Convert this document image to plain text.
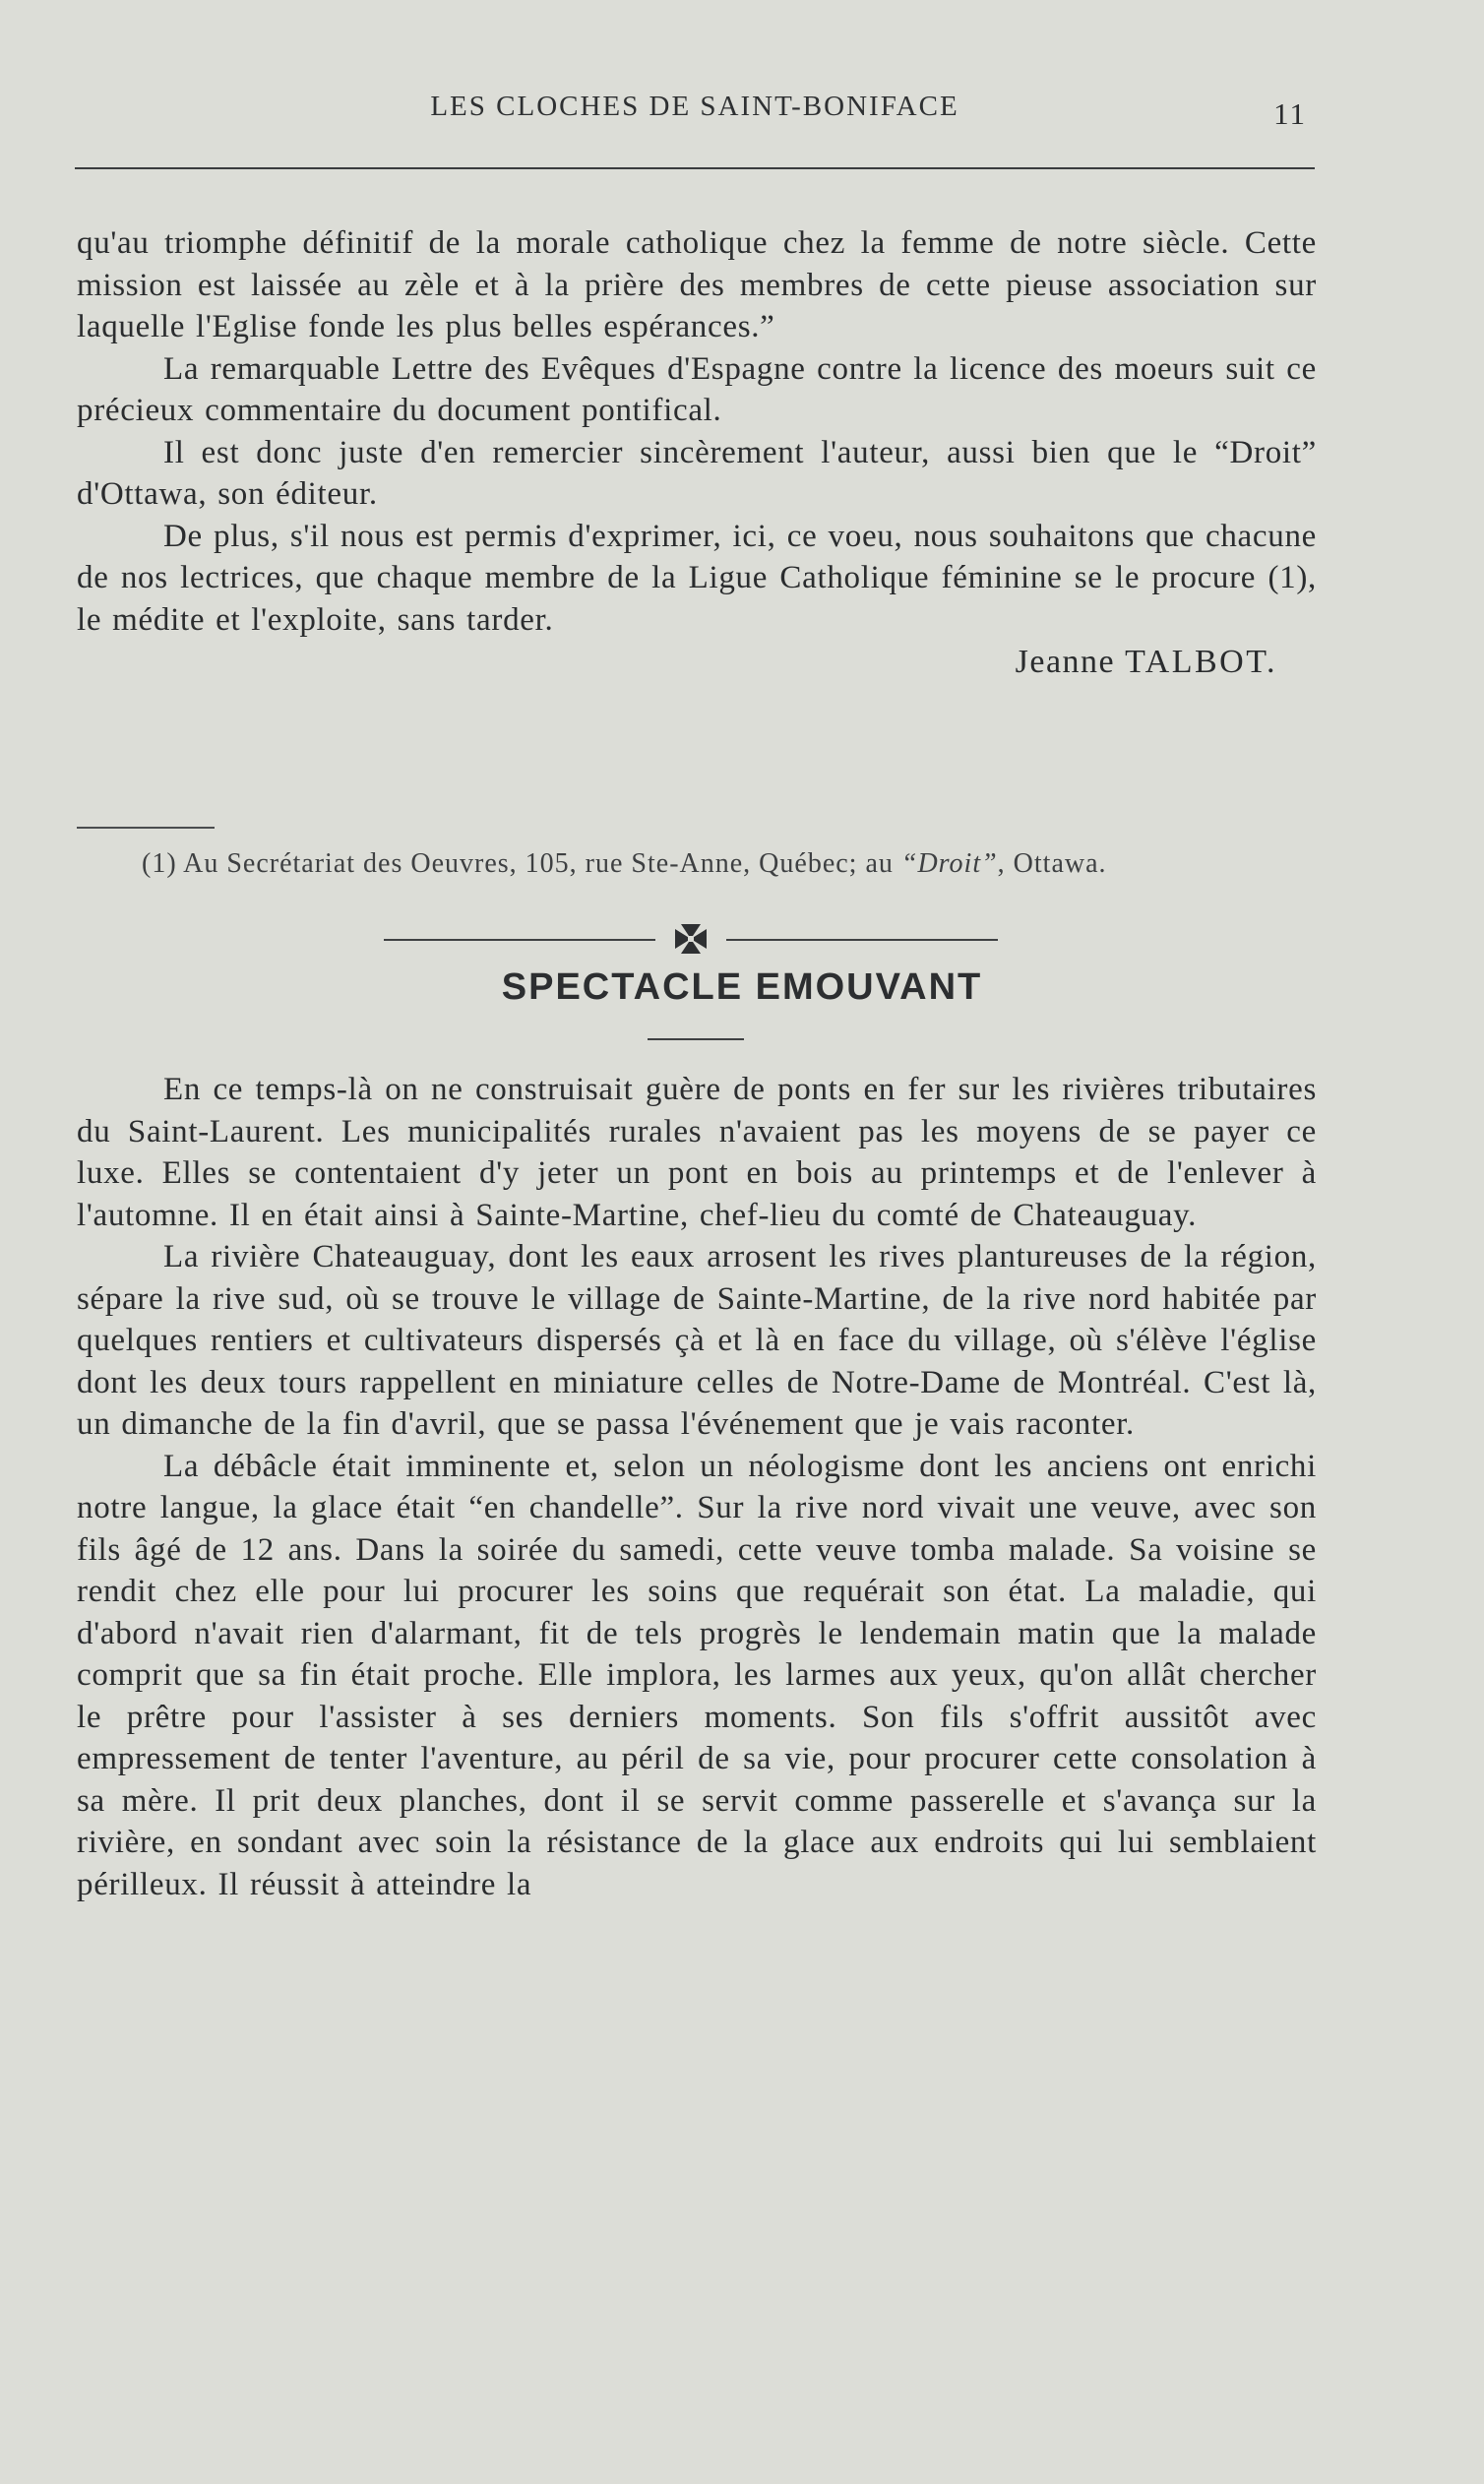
LES CLOCHES DE SAINT-BONIFACE	11

qu'au triomphe définitif de la morale catholique chez la femme de notre siècle. Cette mission est laissée au zèle et à la prière des membres de cette pieuse association sur laquelle l'Eglise fonde les plus belles espérances.”

La remarquable Lettre des Evêques d'Espagne contre la licence des moeurs suit ce précieux commentaire du document pontifical.

Il est donc juste d'en remercier sincèrement l'auteur, aussi bien que le “Droit” d'Ottawa, son éditeur.

De plus, s'il nous est permis d'exprimer, ici, ce voeu, nous souhaitons que chacune de nos lectrices, que chaque membre de la Ligue Catholique féminine se le procure (1), le médite et l'exploite, sans tarder.

Jeanne TALBOT.

(1) Au Secrétariat des Oeuvres, 105, rue Ste-Anne, Québec; au “Droit”, Ottawa.

SPECTACLE EMOUVANT

En ce temps-là on ne construisait guère de ponts en fer sur les rivières tributaires du Saint-Laurent. Les municipalités rurales n'avaient pas les moyens de se payer ce luxe. Elles se contentaient d'y jeter un pont en bois au printemps et de l'enlever à l'automne. Il en était ainsi à Sainte-Martine, chef-lieu du comté de Chateauguay.

La rivière Chateauguay, dont les eaux arrosent les rives plantureuses de la région, sépare la rive sud, où se trouve le village de Sainte-Martine, de la rive nord habitée par quelques rentiers et cultivateurs dispersés çà et là en face du village, où s'élève l'église dont les deux tours rappellent en miniature celles de Notre-Dame de Montréal. C'est là, un dimanche de la fin d'avril, que se passa l'événement que je vais raconter.

La débâcle était imminente et, selon un néologisme dont les anciens ont enrichi notre langue, la glace était “en chandelle”. Sur la rive nord vivait une veuve, avec son fils âgé de 12 ans. Dans la soirée du samedi, cette veuve tomba malade. Sa voisine se rendit chez elle pour lui procurer les soins que requérait son état. La maladie, qui d'abord n'avait rien d'alarmant, fit de tels progrès le lendemain matin que la malade comprit que sa fin était proche. Elle implora, les larmes aux yeux, qu'on allât chercher le prêtre pour l'assister à ses derniers moments. Son fils s'offrit aussitôt avec empressement de tenter l'aventure, au péril de sa vie, pour procurer cette consolation à sa mère. Il prit deux planches, dont il se servit comme passerelle et s'avança sur la rivière, en sondant avec soin la résistance de la glace aux endroits qui lui semblaient périlleux. Il réussit à atteindre la
